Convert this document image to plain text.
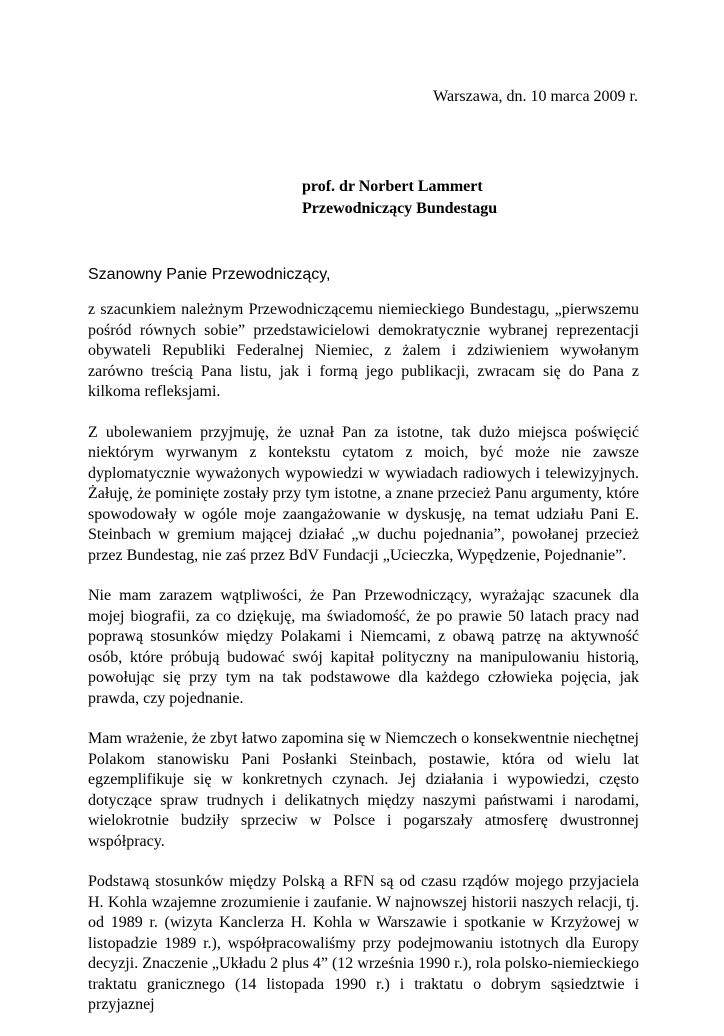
Warszawa, dn. 10 marca 2009 r.
prof. dr Norbert Lammert
Przewodniczący Bundestagu
Szanowny Panie Przewodniczący,

z szacunkiem należnym Przewodniczącemu niemieckiego Bundestagu, „pierwszemu pośród równych sobie” przedstawicielowi demokratycznie wybranej reprezentacji obywateli Republiki Federalnej Niemiec, z żalem i zdziwieniem wywołanym zarówno treścią Pana listu, jak i formą jego publikacji, zwracam się do Pana z kilkoma refleksjami.

Z ubolewaniem przyjmuję, że uznał Pan za istotne, tak dużo miejsca poświęcić niektórym wyrwanym z kontekstu cytatom z moich, być może nie zawsze dyplomatycznie wyważonych wypowiedzi w wywiadach radiowych i telewizyjnych. Żałuję, że pominięte zostały przy tym istotne, a znane przecież Panu argumenty, które spowodowały w ogóle moje zaangażowanie w dyskusję, na temat udziału Pani E. Steinbach w gremium mającej działać „w duchu pojednania”, powołanej przecież przez Bundestag, nie zaś przez BdV Fundacji „Ucieczka, Wypędzenie, Pojednanie”.

Nie mam zarazem wątpliwości, że Pan Przewodniczący, wyrażając szacunek dla mojej biografii, za co dziękuję, ma świadomość, że po prawie 50 latach pracy nad poprawą stosunków między Polakami i Niemcami, z obawą patrzę na aktywność osób, które próbują budować swój kapitał polityczny na manipulowaniu historią, powołując się przy tym na tak podstawowe dla każdego człowieka pojęcia, jak prawda, czy pojednanie.

Mam wrażenie, że zbyt łatwo zapomina się w Niemczech o konsekwentnie niechętnej Polakom stanowisku Pani Posłanki Steinbach, postawie, która od wielu lat egzemplifikuje się w konkretnych czynach. Jej działania i wypowiedzi, często dotyczące spraw trudnych i delikatnych między naszymi państwami i narodami, wielokrotnie budziły sprzeciw w Polsce i pogarszały atmosferę dwustronnej współpracy.

Podstawą stosunków między Polską a RFN są od czasu rządów mojego przyjaciela H. Kohla wzajemne zrozumienie i zaufanie. W najnowszej historii naszych relacji, tj. od 1989 r. (wizyta Kanclerza H. Kohla w Warszawie i spotkanie w Krzyżowej w listopadzie 1989 r.), współpracowaliśmy przy podejmowaniu istotnych dla Europy decyzji. Znaczenie „Układu 2 plus 4” (12 września 1990 r.), rola polsko-niemieckiego traktatu granicznego (14 listopada 1990 r.) i traktatu o dobrym sąsiedztwie i przyjaznej
